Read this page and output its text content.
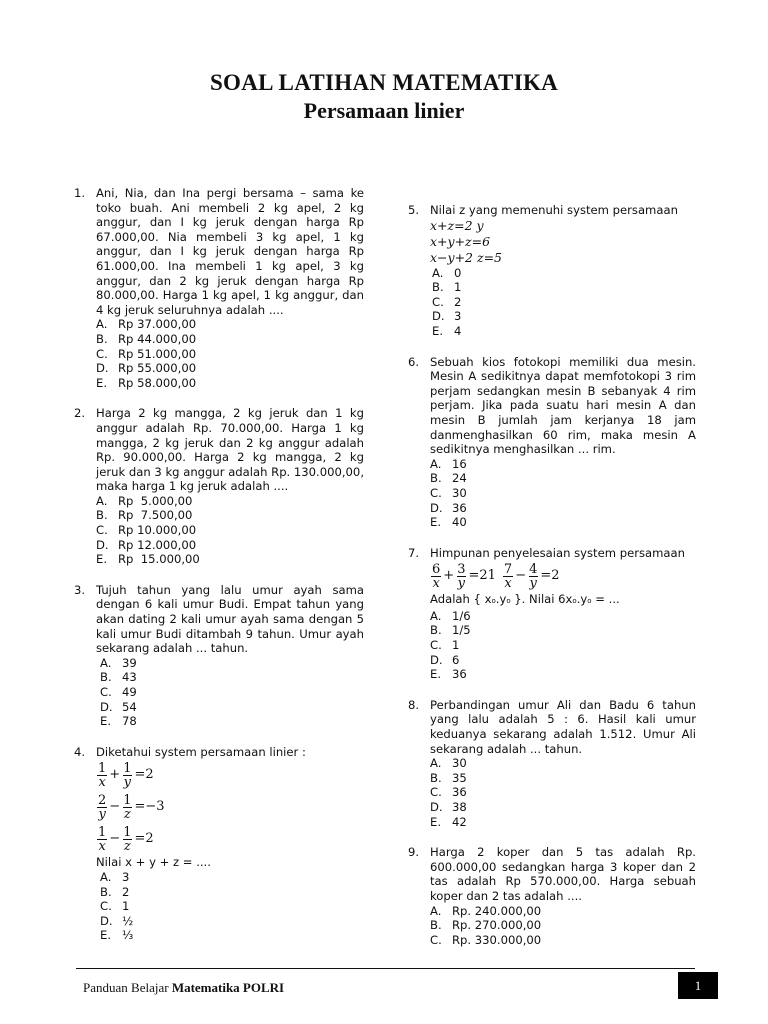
SOAL LATIHAN MATEMATIKA
Persamaan linier
1. Ani, Nia, dan Ina pergi bersama – sama ke toko buah. Ani membeli 2 kg apel, 2 kg anggur, dan I kg jeruk dengan harga Rp 67.000,00. Nia membeli 3 kg apel, 1 kg anggur, dan I kg jeruk dengan harga Rp 61.000,00. Ina membeli 1 kg apel, 3 kg anggur, dan 2 kg jeruk dengan harga Rp 80.000,00. Harga 1 kg apel, 1 kg anggur, dan 4 kg jeruk seluruhnya adalah ....
A. Rp 37.000,00
B. Rp 44.000,00
C. Rp 51.000,00
D. Rp 55.000,00
E. Rp 58.000,00
2. Harga 2 kg mangga, 2 kg jeruk dan 1 kg anggur adalah Rp. 70.000,00. Harga 1 kg mangga, 2 kg jeruk dan 2 kg anggur adalah Rp. 90.000,00. Harga 2 kg mangga, 2 kg jeruk dan 3 kg anggur adalah Rp. 130.000,00, maka harga 1 kg jeruk adalah ....
A. Rp  5.000,00
B. Rp  7.500,00
C. Rp 10.000,00
D. Rp 12.000,00
E. Rp  15.000,00
3. Tujuh tahun yang lalu umur ayah sama dengan 6 kali umur Budi. Empat tahun yang akan dating 2 kali umur ayah sama dengan 5 kali umur Budi ditambah 9 tahun. Umur ayah sekarang adalah ... tahun.
A. 39
B. 43
C. 49
D. 54
E. 78
4. Diketahui system persamaan linier :
$\frac{1}{x} + \frac{1}{y} =2$
$\frac{2}{y} - \frac{1}{z} =-3$
$\frac{1}{x} - \frac{1}{z} =2$
Nilai x + y + z = ....
A. 3
B. 2
C. 1
D. ½
E. ⅓
5. Nilai z yang memenuhi system persamaan
x+z=2 y
x+y+z=6
x−y+2 z=5
A. 0
B. 1
C. 2
D. 3
E. 4
6. Sebuah kios fotokopi memiliki dua mesin. Mesin A sedikitnya dapat memfotokopi 3 rim perjam sedangkan mesin B sebanyak 4 rim perjam. Jika pada suatu hari mesin A dan mesin B jumlah jam kerjanya 18 jam danmenghasilkan 60 rim, maka mesin A sedikitnya menghasilkan ... rim.
A. 16
B. 24
C. 30
D. 36
E. 40
7. Himpunan penyelesaian system persamaan
$\frac{6}{x} + \frac{3}{y} =21 \frac{7}{x} - \frac{4}{y} =2$
Adalah { xo.yo }. Nilai 6xo.yo = ...
A. 1/6
B. 1/5
C. 1
D. 6
E. 36
8. Perbandingan umur Ali dan Badu 6 tahun yang lalu adalah 5 : 6. Hasil kali umur keduanya sekarang adalah 1.512. Umur Ali sekarang adalah ... tahun.
A. 30
B. 35
C. 36
D. 38
E. 42
9. Harga 2 koper dan 5 tas adalah Rp. 600.000,00 sedangkan harga 3 koper dan 2 tas adalah Rp 570.000,00. Harga sebuah koper dan 2 tas adalah ....
A. Rp. 240.000,00
B. Rp. 270.000,00
C. Rp. 330.000,00
Panduan Belajar Matematika POLRI	1
